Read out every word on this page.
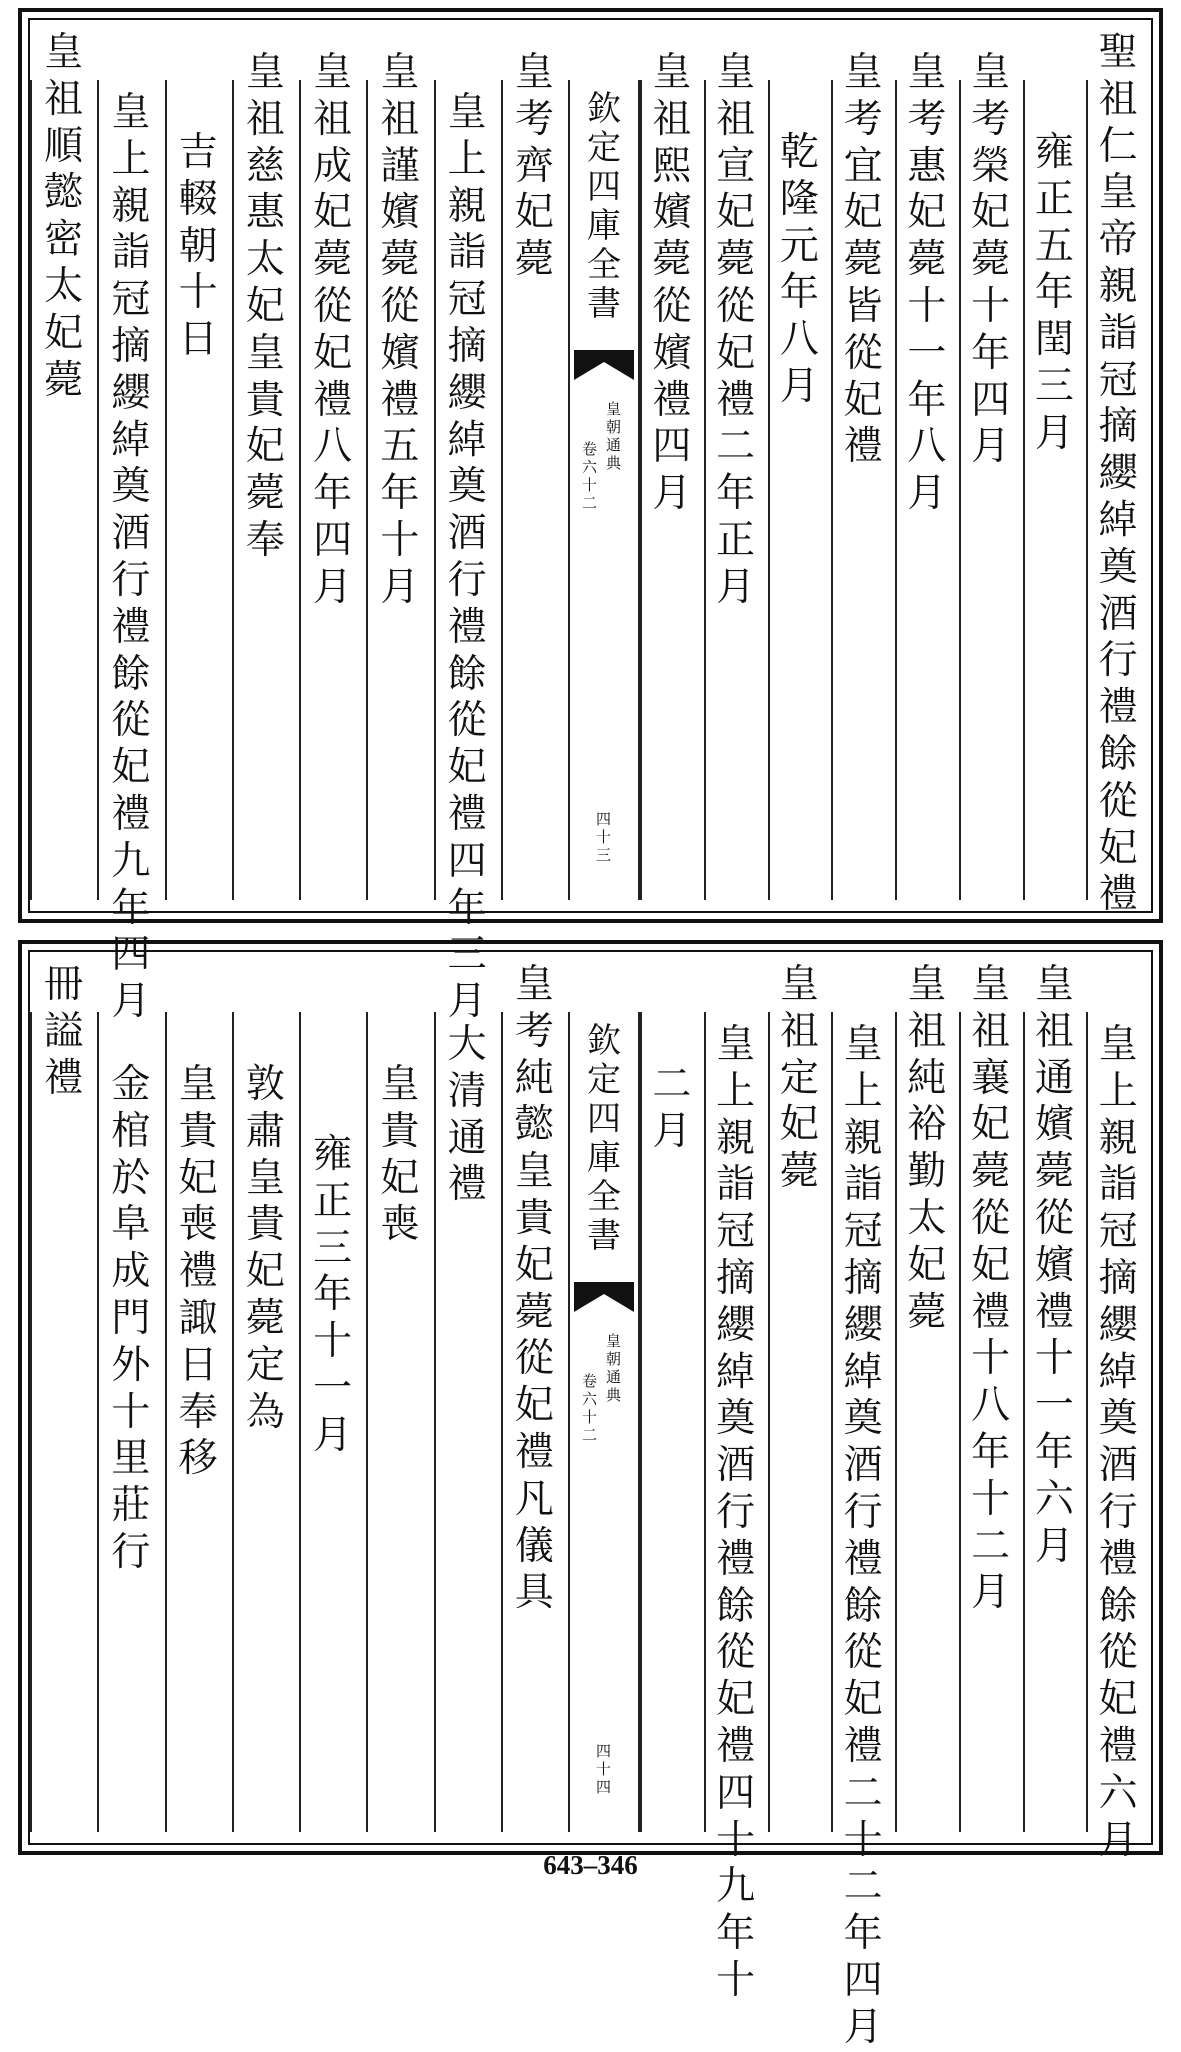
聖
祖
仁
皇
帝
親
詣
冠
摘
纓
綽
奠
酒
行
禮
餘
從
妃
禮
雍
正
五
年
閏
三
月
皇
考
榮
妃
薨
十
年
四
月
皇
考
惠
妃
薨
十
一
年
八
月
皇
考
宜
妃
薨
皆
從
妃
禮
乾
隆
元
年
八
月
皇
祖
宣
妃
薨
從
妃
禮
二
年
正
月
皇
祖
熙
嬪
薨
從
嬪
禮
四
月
皇
考
齊
妃
薨
皇
上
親
詣
冠
摘
纓
綽
奠
酒
行
禮
餘
從
妃
禮
四
年
三
月
皇
祖
謹
嬪
薨
從
嬪
禮
五
年
十
月
皇
祖
成
妃
薨
從
妃
禮
八
年
四
月
皇
祖
慈
惠
太
妃
皇
貴
妃
薨
奉
吉
輟
朝
十
日
皇
上
親
詣
冠
摘
纓
綽
奠
酒
行
禮
餘
從
妃
禮
九
年
四
月
皇
祖
順
懿
密
太
妃
薨
欽
定
四
庫
全
書
皇
朝
通
典
卷
六
十
二
四
十
三
皇
上
親
詣
冠
摘
纓
綽
奠
酒
行
禮
餘
從
妃
禮
六
月
皇
祖
通
嬪
薨
從
嬪
禮
十
一
年
六
月
皇
祖
襄
妃
薨
從
妃
禮
十
八
年
十
二
月
皇
祖
純
裕
勤
太
妃
薨
皇
上
親
詣
冠
摘
纓
綽
奠
酒
行
禮
餘
從
妃
禮
二
十
二
年
四
月
皇
祖
定
妃
薨
皇
上
親
詣
冠
摘
纓
綽
奠
酒
行
禮
餘
從
妃
禮
四
十
九
年
十
二
月
皇
考
純
懿
皇
貴
妃
薨
從
妃
禮
凡
儀
具
大
清
通
禮
皇
貴
妃
喪
雍
正
三
年
十
一
月
敦
肅
皇
貴
妃
薨
定
為
皇
貴
妃
喪
禮
諏
日
奉
移
金
棺
於
阜
成
門
外
十
里
莊
行
冊
謚
禮
欽
定
四
庫
全
書
皇
朝
通
典
卷
六
十
二
四
十
四
643–346
